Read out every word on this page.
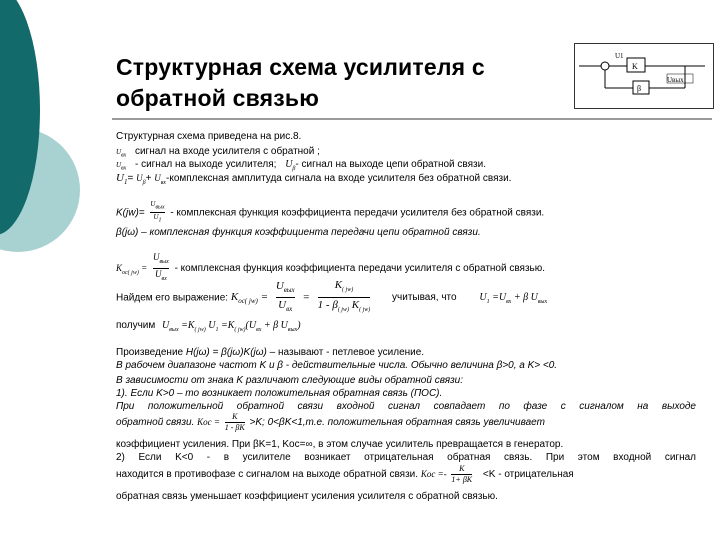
Структурная схема усилителя с обратной связью
K
β
U1
Uвых
Структурная схема приведена на рис.8.
$U_{вх}$ сигнал на входе усилителя с обратной ;
$U_{вх}$ - сигнал на выходе усилителя; $U_\beta-$ сигнал на выходе цепи обратной связи.
$U_1= U_\beta+$ $U_{вх}$-комплексная амплитуда сигнала на входе усилителя без обратной связи.
K(jw)=
$U_{вых}$
$U_1$
- комплексная функция коэффициента передачи усилителя без обратной связи.
β(jω) – комплексная функция коэффициента передачи цепи обратной связи.
$K_{ос( jw)}$ =
$U_{вых}$
$U_{вх}$
- комплексная функция коэффициента передачи усилителя с обратной связью.
Найдем его выражение: $K_{ос( jw)}$ =
$U_{вых}$
$U_{вх}$
= $\frac{K_{( jw)}}{1 - \beta_{( jw)} K_{( jw)}}$ учитывая, что $U_1 =U_{вх} + \beta$ $U_{вых}$
получим $U_{вых} =K_{( jw)}$ $U_1 =K_{( jw)}(U_{вх} + \beta$ $U_{вых}$)
Произведение H(jω) = β(jω)K(jω) – называют - петлевое усиление.
В рабочем диапазоне частот K и β - действительные числа. Обычно величина β>0, а K> <0.
В зависимости от знака K различают следующие виды обратной связи:
1). Если K>0 – то возникает положительная обратная связь (ПОС).
При положительной обратной связи входной сигнал совпадает по фазе с сигналом на выходе
обратной связи. Kос = $\frac{K}{1 - \beta K} >K$; 0<βK<1,т.е. положительная обратная связь увеличивает
коэффициент усиления. При βK=1, Kос=∞, в этом случае усилитель превращается в генератор.
2) Если K<0 - в усилителе возникает отрицательная обратная связь. При этом входной сигнал
находится в противофазе с сигналом на выходе обратной связи. Kос =- $\frac{K}{1+ \beta K} <K$ - отрицательная
обратная связь уменьшает коэффициент усиления усилителя с обратной связью.
